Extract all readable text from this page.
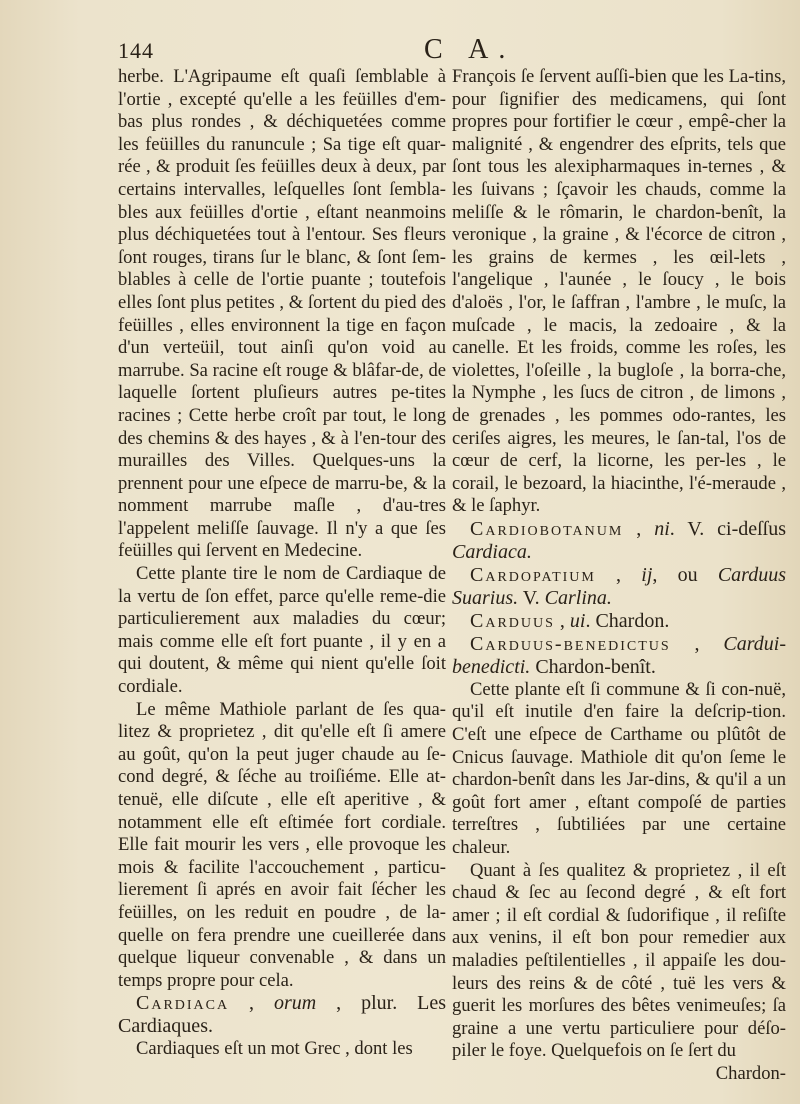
144	C A.

herbe. L'Agripaume eſt quaſi ſemblable à l'ortie , excepté qu'elle a les feüilles d'em-bas plus rondes , & déchiquetées comme les feüilles du ranuncule ; Sa tige eſt quar-rée , & produit ſes feüilles deux à deux, par certains intervalles, leſquelles ſont ſembla-bles aux feüilles d'ortie , eſtant neanmoins plus déchiquetées tout à l'entour. Ses fleurs ſont rouges, tirans ſur le blanc, & ſont ſem-blables à celle de l'ortie puante ; toutefois elles ſont plus petites , & ſortent du pied des feüilles , elles environnent la tige en façon d'un verteüil, tout ainſi qu'on void au marrube. Sa racine eſt rouge & blâfar-de, de laquelle ſortent pluſieurs autres pe-tites racines ; Cette herbe croît par tout, le long des chemins & des hayes , & à l'en-tour des murailles des Villes. Quelques-uns la prennent pour une eſpece de marru-be, & la nomment marrube maſle , d'au-tres l'appelent meliſſe ſauvage. Il n'y a que ſes feüilles qui ſervent en Medecine.

Cette plante tire le nom de Cardiaque de la vertu de ſon effet, parce qu'elle reme-die particulierement aux maladies du cœur; mais comme elle eſt fort puante , il y en a qui doutent, & même qui nient qu'elle ſoit cordiale.

Le même Mathiole parlant de ſes qua-litez & proprietez , dit qu'elle eſt ſi amere au goût, qu'on la peut juger chaude au ſe-cond degré, & ſéche au troiſiéme. Elle at-tenuë, elle diſcute , elle eſt aperitive , & notamment elle eſt eſtimée fort cordiale. Elle fait mourir les vers , elle provoque les mois & facilite l'accouchement , particu-lierement ſi aprés en avoir fait ſécher les feüilles, on les reduit en poudre , de la-quelle on fera prendre une cueillerée dans quelque liqueur convenable , & dans un temps propre pour cela.

Cardiaca , orum , plur. Les Cardiaques.

Cardiaques eſt un mot Grec , dont les

François ſe ſervent auſſi-bien que les La-tins, pour ſignifier des medicamens, qui ſont propres pour fortifier le cœur , empê-cher la malignité , & engendrer des eſprits, tels que ſont tous les alexipharmaques in-ternes , & les ſuivans ; ſçavoir les chauds, comme la meliſſe & le rômarin, le chardon-benît, la veronique , la graine , & l'écorce de citron , les grains de kermes , les œil-lets , l'angelique , l'aunée , le ſoucy , le bois d'aloës , l'or, le ſaffran , l'ambre , le muſc, la muſcade , le macis, la zedoaire , & la canelle. Et les froids, comme les roſes, les violettes, l'oſeille , la bugloſe , la borra-che, la Nymphe , les ſucs de citron , de limons , de grenades , les pommes odo-rantes, les ceriſes aigres, les meures, le ſan-tal, l'os de cœur de cerf, la licorne, les per-les , le corail, le bezoard, la hiacinthe, l'é-meraude , & le ſaphyr.

Cardiobotanum , ni. V. ci-deſſus Cardiaca.

Cardopatium , ij, ou Carduus Suarius. V. Carlina.

Carduus , ui. Chardon.

Carduus-benedictus , Cardui-benedicti. Chardon-benît.

Cette plante eſt ſi commune & ſi con-nuë, qu'il eſt inutile d'en faire la deſcrip-tion. C'eſt une eſpece de Carthame ou plûtôt de Cnicus ſauvage. Mathiole dit qu'on ſeme le chardon-benît dans les Jar-dins, & qu'il a un goût fort amer , eſtant compoſé de parties terreſtres , ſubtiliées par une certaine chaleur.

Quant à ſes qualitez & proprietez , il eſt chaud & ſec au ſecond degré , & eſt fort amer ; il eſt cordial & ſudorifique , il reſiſte aux venins, il eſt bon pour remedier aux maladies peſtilentielles , il appaiſe les dou-leurs des reins & de côté , tuë les vers & guerit les morſures des bêtes venimeuſes; ſa graine a une vertu particuliere pour déſo-piler le foye. Quelquefois on ſe ſert du

Chardon-
